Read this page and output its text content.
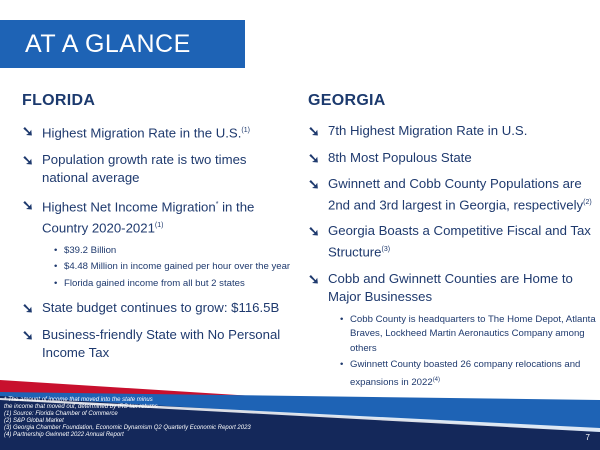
AT A GLANCE
FLORIDA
➘ Highest Migration Rate in the U.S.$^{(1)}$
➘ Population growth rate is two times national average
➘ Highest Net Income Migration* in the Country 2020-2021$^{(1)}$
• $39.2 Billion
• $4.48 Million in income gained per hour over the year
• Florida gained income from all but 2 states
➘ State budget continues to grow: $116.5B
➘ Business-friendly State with No Personal Income Tax
GEORGIA
➘ 7th Highest Migration Rate in U.S.
➘ 8th Most Populous State
➘ Gwinnett and Cobb County Populations are 2nd and 3rd largest in Georgia, respectively$^{(2)}$
➘ Georgia Boasts a Competitive Fiscal and Tax Structure$^{(3)}$
➘ Cobb and Gwinnett Counties are Home to Major Businesses
• Cobb County is headquarters to The Home Depot, Atlanta Braves, Lockheed Martin Aeronautics Company among others
• Gwinnett County boasted 26 company relocations and expansions in 2022$^{(4)}$
* The amount of income that moved into the state minus
the income that moved out, determined by IRS tax returns
(1) Source: Florida Chamber of Commerce
(2) S&P Global Market
(3) Georgia Chamber Foundation, Economic Dynamism Q2 Quarterly Economic Report 2023
(4) Partnership Gwinnett 2022 Annual Report	7
